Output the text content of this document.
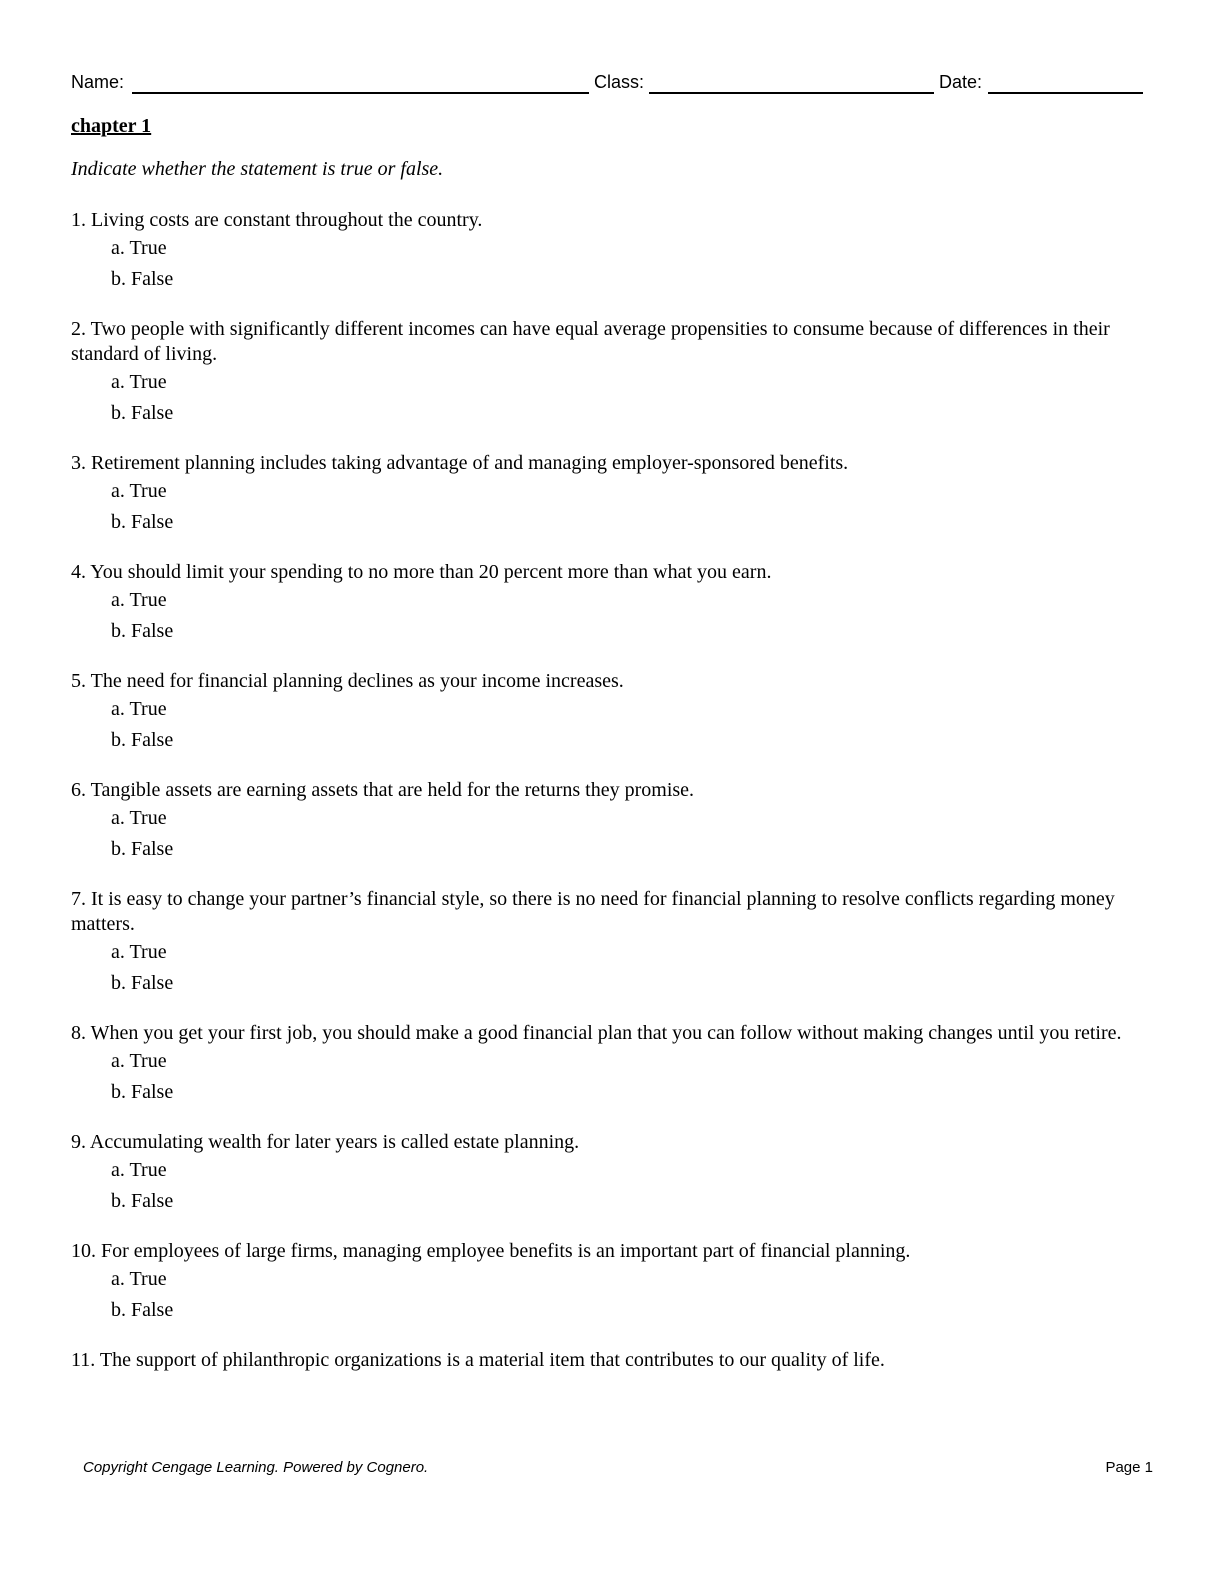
Name:	Class:	Date:
chapter 1
Indicate whether the statement is true or false.
1. Living costs are constant throughout the country.
a. True
b. False
2. Two people with significantly different incomes can have equal average propensities to consume because of differences in their standard of living.
a. True
b. False
3. Retirement planning includes taking advantage of and managing employer-sponsored benefits.
a. True
b. False
4. You should limit your spending to no more than 20 percent more than what you earn.
a. True
b. False
5. The need for financial planning declines as your income increases.
a. True
b. False
6. Tangible assets are earning assets that are held for the returns they promise.
a. True
b. False
7. It is easy to change your partner’s financial style, so there is no need for financial planning to resolve conflicts regarding money matters.
a. True
b. False
8. When you get your first job, you should make a good financial plan that you can follow without making changes until you retire.
a. True
b. False
9. Accumulating wealth for later years is called estate planning.
a. True
b. False
10. For employees of large firms, managing employee benefits is an important part of financial planning.
a. True
b. False
11. The support of philanthropic organizations is a material item that contributes to our quality of life.
Copyright Cengage Learning. Powered by Cognero.	Page 1
